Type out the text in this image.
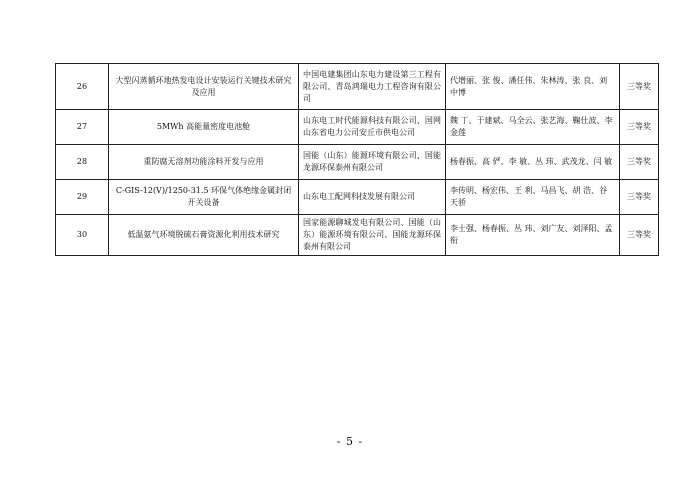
26	大型闪蒸循环地热发电设计安装运行关键技术研究及应用	中国电建集团山东电力建设第三工程有限公司、青岛鸿瑞电力工程咨询有限公司	代增丽、张 俊、潘任伟、朱林涛、张 良、刘中博	三等奖
27	5MWh 高能量密度电池舱	山东电工时代能源科技有限公司、国网山东省电力公司安丘市供电公司	魏 丁、于建斌、马全云、张艺海、鞠仕波、李金莲	三等奖
28	重防腐无溶剂功能涂料开发与应用	国能（山东）能源环境有限公司、国能龙源环保泰州有限公司	杨春振、高 俨、李 敏、丛 玮、武茂龙、闫 敏	三等奖
29	C-GIS-12(V)/1250-31.5 环保气体绝缘金属封闭开关设备	山东电工配网科技发展有限公司	李传明、杨宏伟、王 利、马昌飞、胡 浩、谷天骄	三等奖
30	低温氨气环境脱硫石膏资源化利用技术研究	国家能源聊城发电有限公司、国能（山东）能源环境有限公司、国能龙源环保泰州有限公司	李士强、杨春振、丛 玮、刘广友、刘泽阳、孟 衔	三等奖
- 5 -
